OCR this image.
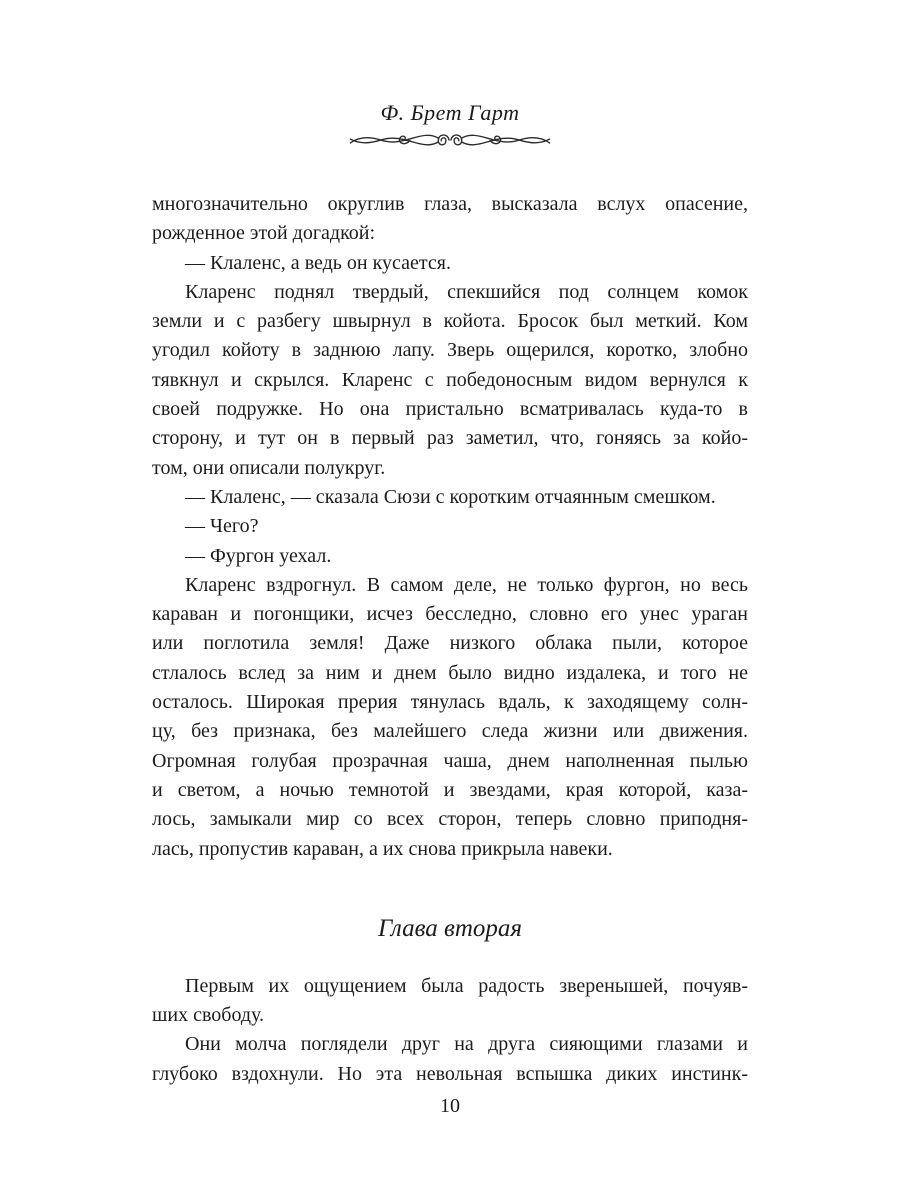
Ф. Брет Гарт
многозначительно округлив глаза, высказала вслух опасение,
рожденное этой догадкой:
— Клаленс, а ведь он кусается.
Кларенс поднял твердый, спекшийся под солнцем комок
земли и с разбегу швырнул в койота. Бросок был меткий. Ком
угодил койоту в заднюю лапу. Зверь ощерился, коротко, злобно
тявкнул и скрылся. Кларенс с победоносным видом вернулся к
своей подружке. Но она пристально всматривалась куда-то в
сторону, и тут он в первый раз заметил, что, гоняясь за койо-
том, они описали полукруг.
— Клаленс, — сказала Сюзи с коротким отчаянным смешком.
— Чего?
— Фургон уехал.
Кларенс вздрогнул. В самом деле, не только фургон, но весь
караван и погонщики, исчез бесследно, словно его унес ураган
или поглотила земля! Даже низкого облака пыли, которое
стлалось вслед за ним и днем было видно издалека, и того не
осталось. Широкая прерия тянулась вдаль, к заходящему солн-
цу, без признака, без малейшего следа жизни или движения.
Огромная голубая прозрачная чаша, днем наполненная пылью
и светом, а ночью темнотой и звездами, края которой, каза-
лось, замыкали мир со всех сторон, теперь словно приподня-
лась, пропустив караван, а их снова прикрыла навеки.
Глава вторая
Первым их ощущением была радость зверенышей, почуяв-
ших свободу.
Они молча поглядели друг на друга сияющими глазами и
глубоко вздохнули. Но эта невольная вспышка диких инстинк-
10
